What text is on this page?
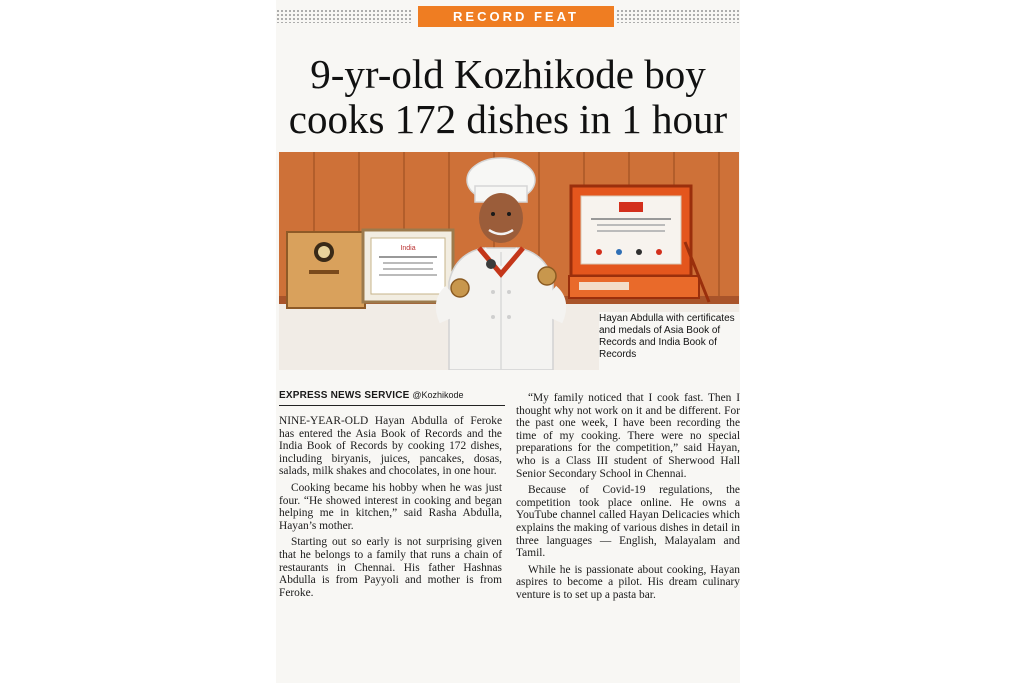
RECORD FEAT
9-yr-old Kozhikode boy
cooks 172 dishes in 1 hour
India
Hayan Abdulla with certificates and medals of Asia Book of Records and India Book of Records
EXPRESS NEWS SERVICE @Kozhikode

NINE-YEAR-OLD Hayan Abdulla of Feroke has entered the Asia Book of Records and the India Book of Records by cooking 172 dishes, including biryanis, juices, pancakes, dosas, salads, milk shakes and chocolates, in one hour.

Cooking became his hobby when he was just four. “He showed interest in cooking and began helping me in kitchen,” said Rasha Abdulla, Hayan’s mother.

Starting out so early is not surprising given that he belongs to a family that runs a chain of restaurants in Chennai. His father Hashnas Abdulla is from Payyoli and mother is from Feroke.

“My family noticed that I cook fast. Then I thought why not work on it and be different. For the past one week, I have been recording the time of my cooking. There were no special preparations for the competition,” said Hayan, who is a Class III student of Sherwood Hall Senior Secondary School in Chennai.

Because of Covid-19 regulations, the competition took place online. He owns a YouTube channel called Hayan Delicacies which explains the making of various dishes in detail in three languages — English, Malayalam and Tamil.

While he is passionate about cooking, Hayan aspires to become a pilot. His dream culinary venture is to set up a pasta bar.
